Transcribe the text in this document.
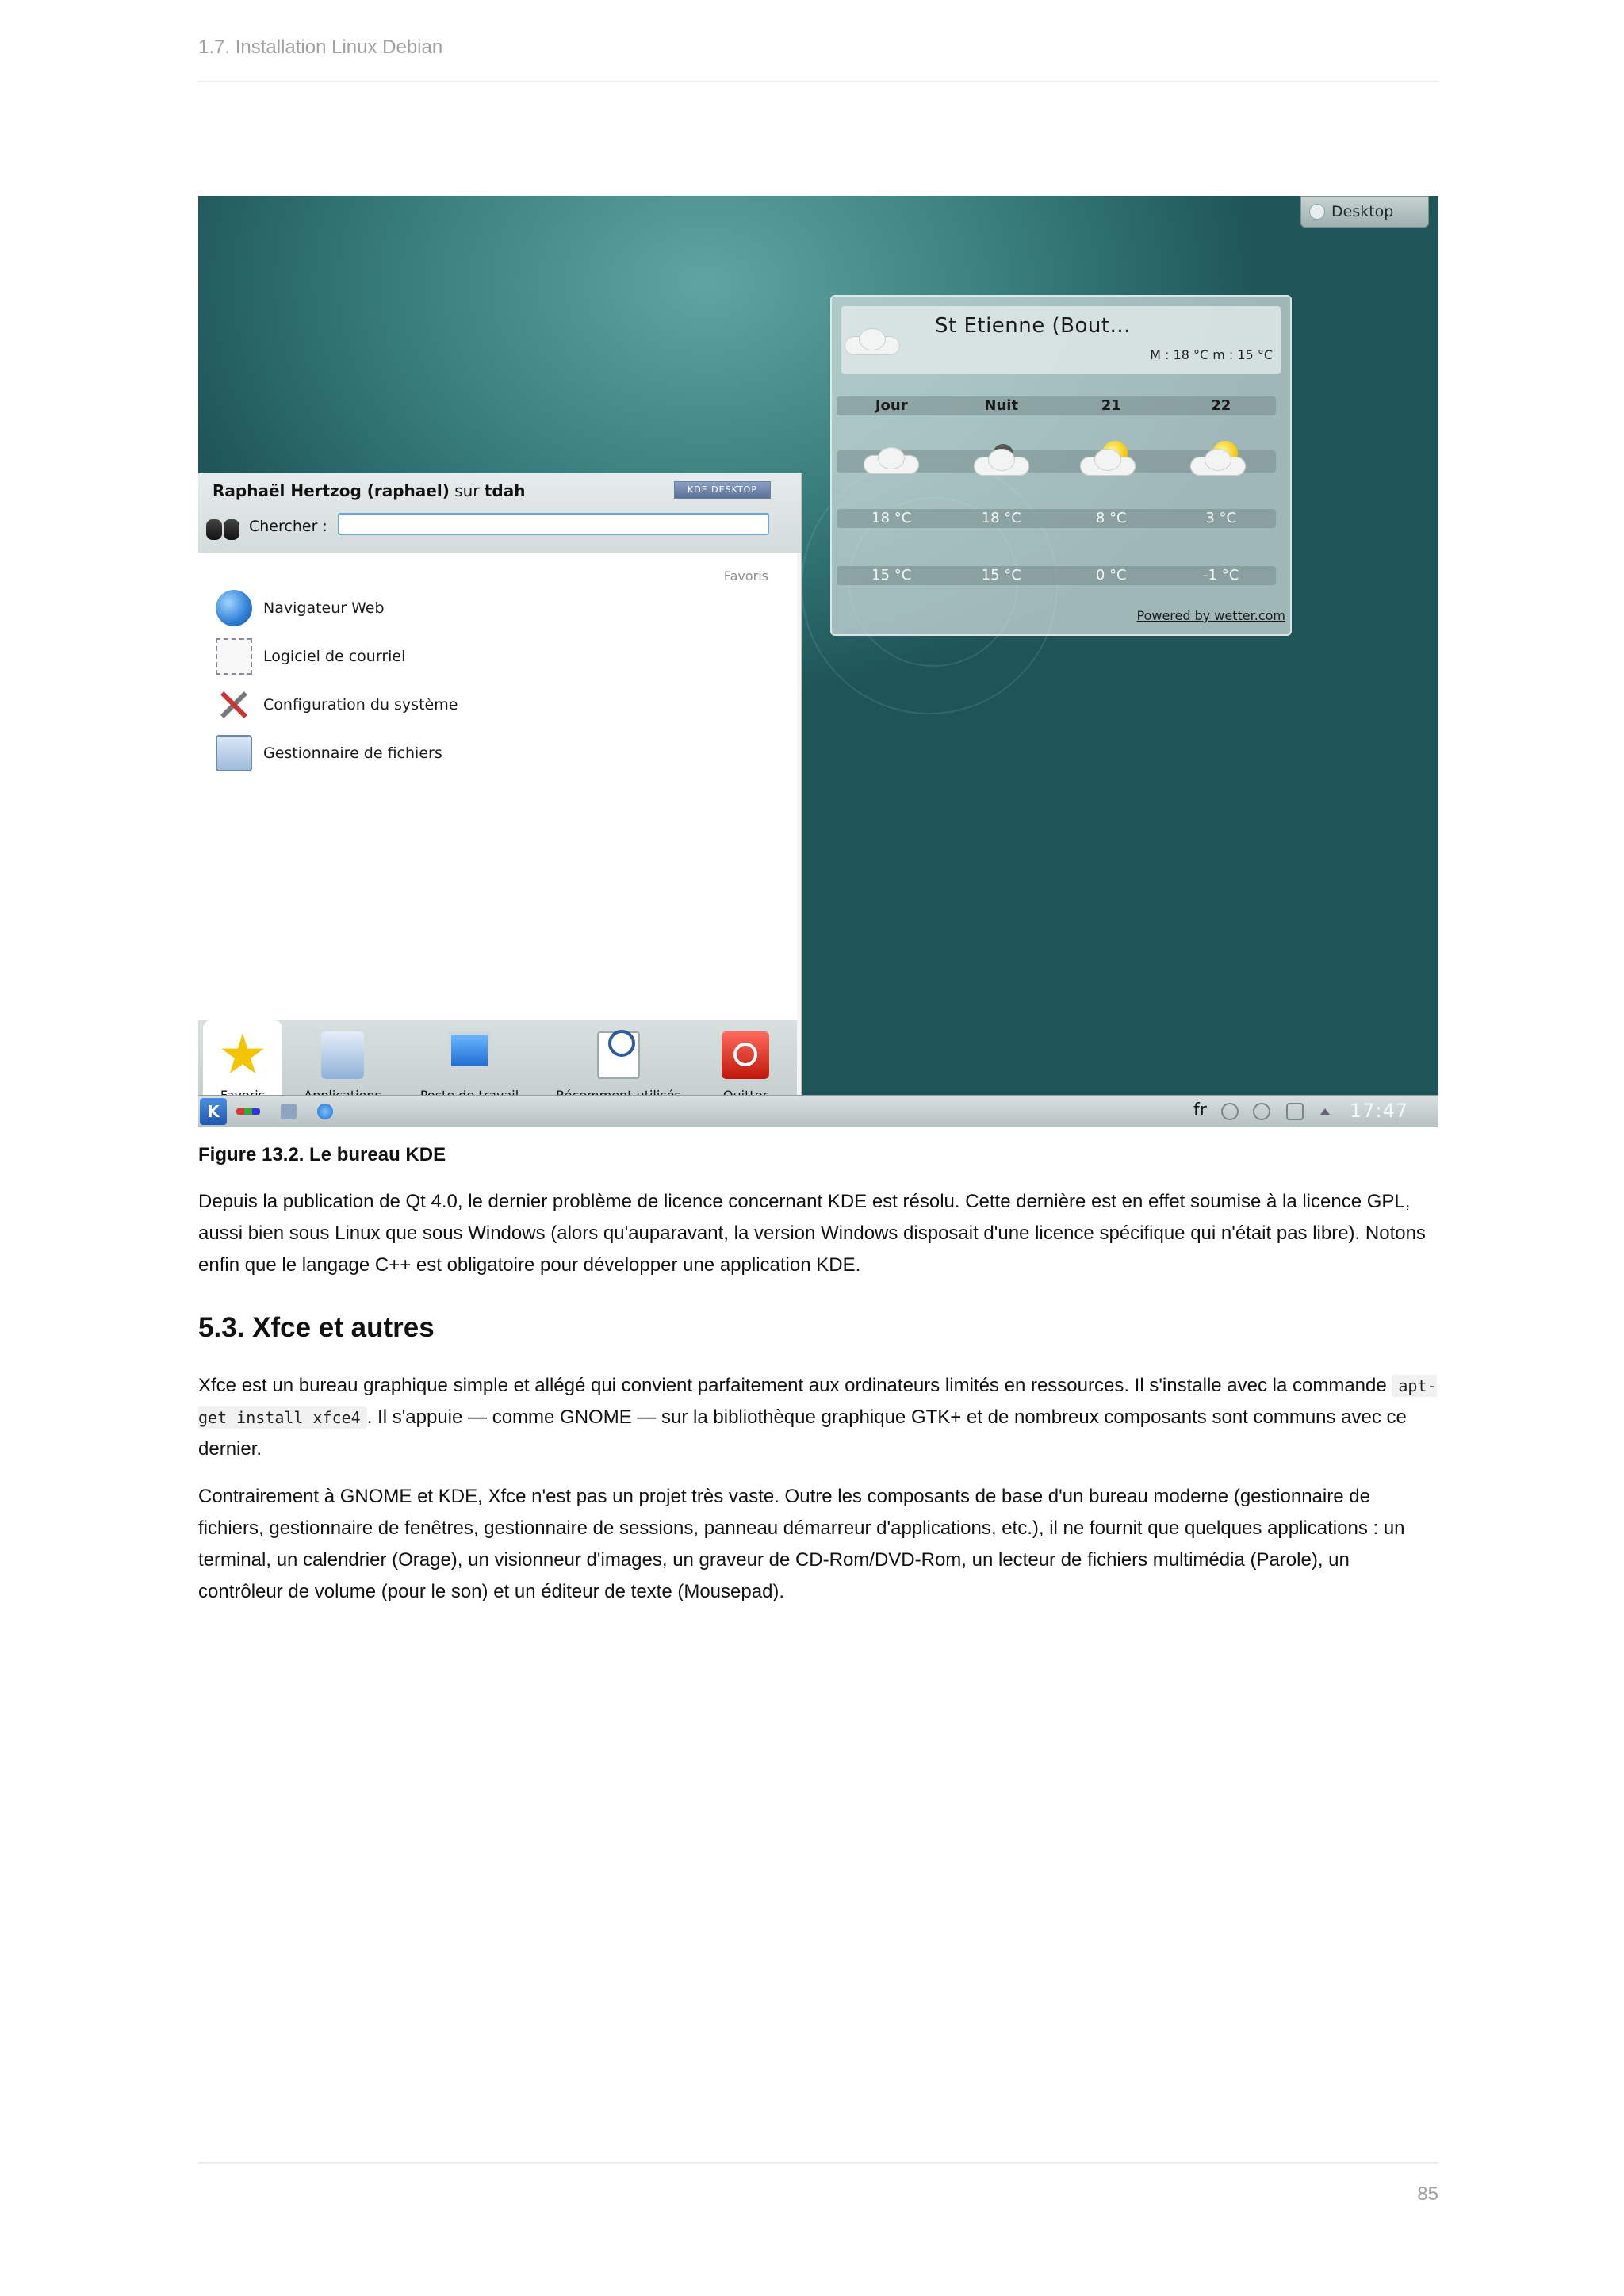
1.7. Installation Linux Debian
Desktop
St Etienne (Bout...
M : 18 °C m : 15 °C
Jour	Nuit	21	22
18 °C	18 °C	8 °C	3 °C
15 °C	15 °C	0 °C	-1 °C
Powered by wetter.com
Raphaël Hertzog (raphael) sur tdah	KDE DESKTOP
Chercher :
Favoris
Navigateur Web
Logiciel de courriel
Configuration du système
Gestionnaire de fichiers
K	fr	17:47
Figure 13.2. Le bureau KDE

Depuis la publication de Qt 4.0, le dernier problème de licence concernant KDE est résolu. Cette dernière est en effet soumise à la licence GPL, aussi bien sous Linux que sous Windows (alors qu'auparavant, la version Windows disposait d'une licence spécifique qui n'était pas libre). Notons enfin que le langage C++ est obligatoire pour développer une application KDE.

5.3. Xfce et autres

Xfce est un bureau graphique simple et allégé qui convient parfaitement aux ordinateurs limités en ressources. Il s'installe avec la commande apt-get install xfce4 . Il s'appuie — comme GNOME — sur la bibliothèque graphique GTK+ et de nombreux composants sont communs avec ce dernier.

Contrairement à GNOME et KDE, Xfce n'est pas un projet très vaste. Outre les composants de base d'un bureau moderne (gestionnaire de fichiers, gestionnaire de fenêtres, gestionnaire de sessions, panneau démarreur d'applications, etc.), il ne fournit que quelques applications : un terminal, un calendrier (Orage), un visionneur d'images, un graveur de CD-Rom/DVD-Rom, un lecteur de fichiers multimédia (Parole), un contrôleur de volume (pour le son) et un éditeur de texte (Mousepad).

85
